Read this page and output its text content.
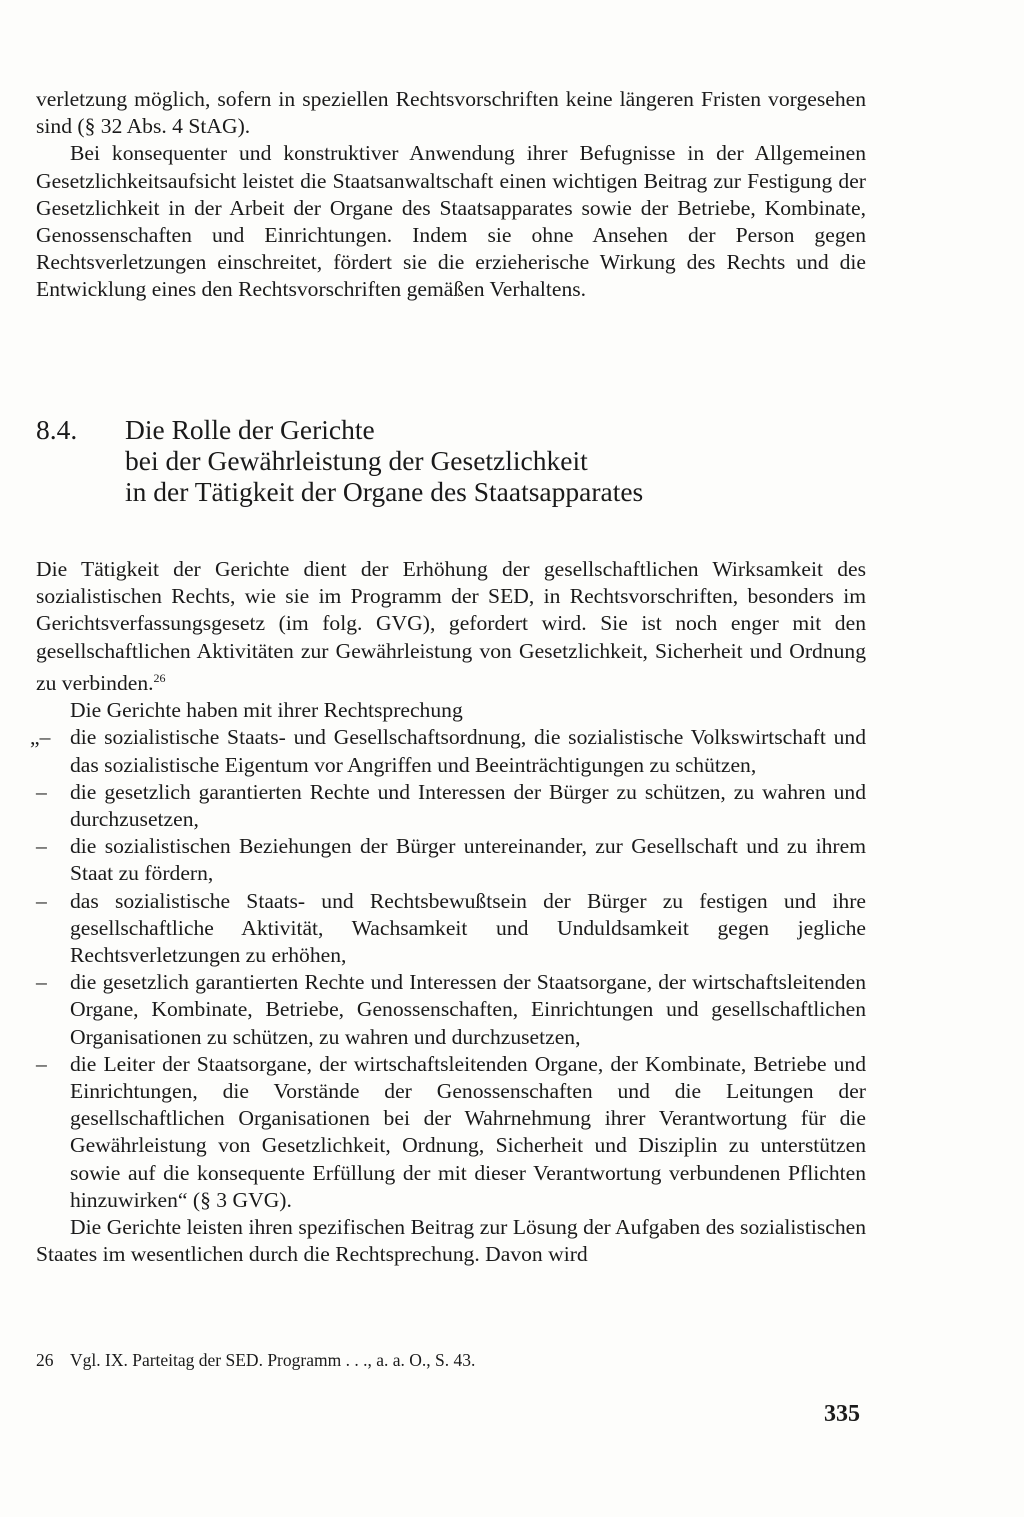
verletzung möglich, sofern in speziellen Rechtsvorschriften keine längeren Fristen vorgesehen sind (§ 32 Abs. 4 StAG).

Bei konsequenter und konstruktiver Anwendung ihrer Befugnisse in der Allgemeinen Gesetzlichkeitsaufsicht leistet die Staatsanwaltschaft einen wichtigen Beitrag zur Festigung der Gesetzlichkeit in der Arbeit der Organe des Staatsapparates sowie der Betriebe, Kombinate, Genossenschaften und Einrichtungen. Indem sie ohne Ansehen der Person gegen Rechtsverletzungen einschreitet, fördert sie die erzieherische Wirkung des Rechts und die Entwicklung eines den Rechtsvorschriften gemäßen Verhaltens.

8.4. Die Rolle der Gerichte
bei der Gewährleistung der Gesetzlichkeit
in der Tätigkeit der Organe des Staatsapparates

Die Tätigkeit der Gerichte dient der Erhöhung der gesellschaftlichen Wirksamkeit des sozialistischen Rechts, wie sie im Programm der SED, in Rechtsvorschriften, besonders im Gerichtsverfassungsgesetz (im folg. GVG), gefordert wird. Sie ist noch enger mit den gesellschaftlichen Aktivitäten zur Gewährleistung von Gesetzlichkeit, Sicherheit und Ordnung zu verbinden.$^{26}$

Die Gerichte haben mit ihrer Rechtsprechung

„– die sozialistische Staats- und Gesellschaftsordnung, die sozialistische Volkswirtschaft und das sozialistische Eigentum vor Angriffen und Beeinträchtigungen zu schützen,
– die gesetzlich garantierten Rechte und Interessen der Bürger zu schützen, zu wahren und durchzusetzen,
– die sozialistischen Beziehungen der Bürger untereinander, zur Gesellschaft und zu ihrem Staat zu fördern,
– das sozialistische Staats- und Rechtsbewußtsein der Bürger zu festigen und ihre gesellschaftliche Aktivität, Wachsamkeit und Unduldsamkeit gegen jegliche Rechtsverletzungen zu erhöhen,
– die gesetzlich garantierten Rechte und Interessen der Staatsorgane, der wirtschaftsleitenden Organe, Kombinate, Betriebe, Genossenschaften, Einrichtungen und gesellschaftlichen Organisationen zu schützen, zu wahren und durchzusetzen,
– die Leiter der Staatsorgane, der wirtschaftsleitenden Organe, der Kombinate, Betriebe und Einrichtungen, die Vorstände der Genossenschaften und die Leitungen der gesellschaftlichen Organisationen bei der Wahrnehmung ihrer Verantwortung für die Gewährleistung von Gesetzlichkeit, Ordnung, Sicherheit und Disziplin zu unterstützen sowie auf die konsequente Erfüllung der mit dieser Verantwortung verbundenen Pflichten hinzuwirken“ (§ 3 GVG).

Die Gerichte leisten ihren spezifischen Beitrag zur Lösung der Aufgaben des sozialistischen Staates im wesentlichen durch die Rechtsprechung. Davon wird

26 Vgl. IX. Parteitag der SED. Programm . . ., a. a. O., S. 43.
335
